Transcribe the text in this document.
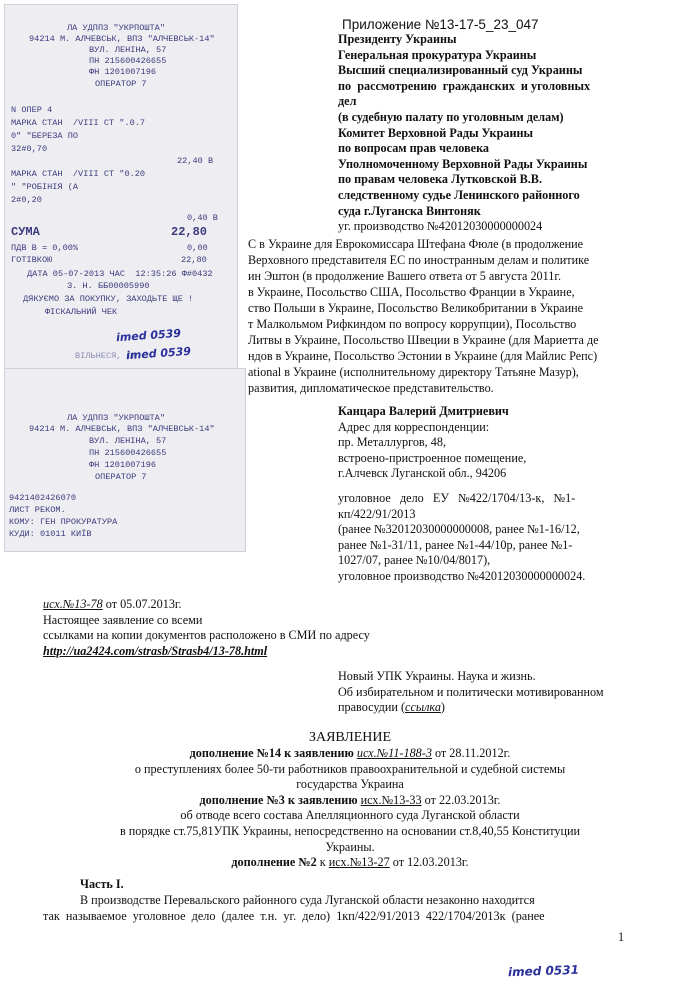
Приложение №13-17-5_23_047
Президенту Украины
Генеральная прокуратура Украины
Высший специализированный суд Украины
по  рассмотрению  гражданских  и уголовных
дел
(в судебную палату по уголовным делам)
Комитет Верховной Рады Украины
по вопросам прав человека
Уполномоченному Верховной Рады Украины
по правам человека Лутковской В.В.
следственному судье Ленинского районного
суда г.Луганска Винтоняк
уг. производство №42012030000000024
С в Украине для Еврокомиссара Штефана Фюле (в продолжение
Верховного представителя ЕС по иностранным делам и политике
ин Эштон (в продолжение Вашего ответа от 5 августа 2011г.
в Украине, Посольство США, Посольство Франции в Украине,
ство Польши в Украине, Посольство Великобритании в Украине
т Малкольмом Рифкиндом по вопросу коррупции), Посольство
Литвы в Украине, Посольство Швеции в Украине (для Мариетта де
ндов в Украине, Посольство Эстонии в Украине (для Майлис Репс)
ational в Украине (исполнительному директору Татьяне Мазур),
развития, дипломатическое представительство.
Канцара Валерий Дмитриевич
Адрес для корреспонденции:
пр. Металлургов, 48,
встроено-пристроенное помещение,
г.Алчевск Луганской обл., 94206
уголовное   дело   ЕУ   №422/1704/13-к,   №1-
кп/422/91/2013
(ранее №32012030000000008, ранее №1-16/12,
ранее №1-31/11, ранее №1-44/10р, ранее №1-
1027/07, ранее №10/04/8017),
уголовное производство №42012030000000024.
исх.№13-78 от 05.07.2013г.
Настоящее заявление со всеми
ссылками на копии документов расположено в СМИ по адресу
http://ua2424.com/strasb/Strasb4/13-78.html
Новый УПК Украины. Наука и жизнь.
Об избирательном и политически мотивированном
правосудии (ссылка)
ЗАЯВЛЕНИЕ
дополнение №14 к заявлению исх.№11-188-3 от 28.11.2012г.
о преступлениях более 50-ти работников правоохранительной и судебной системы
государства Украина
дополнение №3 к заявлению исх.№13-33 от 22.03.2013г.
об отводе всего состава Апелляционного суда Луганской области
в порядке ст.75,81УПК Украины, непосредственно на основании ст.8,40,55 Конституции
Украины.
дополнение №2 к исх.№13-27 от 12.03.2013г.
Часть I.
В производстве Перевальского районного суда Луганской области незаконно находится
так  называемое  уголовное  дело  (далее  т.н.  уг.  дело)  1кп/422/91/2013  422/1704/2013к  (ранее
1
imed 0531
ЛА УДППЗ "УКРПОШТА"
94214 М. АЛЧЕВСЬК, ВПЗ "АЛЧЕВСЬК-14"
ВУЛ. ЛЕНІНА, 57
ПН 215600426655
ФН 1201007196
ОПЕРАТОР 7
N ОПЕР 4
МАРКА СТАН  /VIII СТ ".0.7
0" "БЕРЕЗА ПО
32#0,70
22,40 В
МАРКА СТАН  /VIII СТ "0.20
" "РОБІНІЯ (А
2#0,20
0,40 В
СУМА	22,80
ПДВ В = 0,00%	0,00
ГОТІВКОЮ	22,80
ДАТА 05-07-2013 ЧАС  12:35:26 Ф#0432
З. Н. ББ00005990
ДЯКУЄМО ЗА ПОКУПКУ, ЗАХОДЬТЕ ЩЕ !
ФІСКАЛЬНИЙ ЧЕК
ВІЛЬНЕСЯ, ЄК
ЛА УДППЗ "УКРПОШТА"
94214 М. АЛЧЕВСЬК, ВПЗ "АЛЧЕВСЬК-14"
ВУЛ. ЛЕНІНА, 57
ПН 215600426655
ФН 1201007196
ОПЕРАТОР 7
9421402426070
ЛИСТ РЕКОМ.
КОМУ: ГЕН ПРОКУРАТУРА
КУДИ: 01011 КИЇВ
imed 0539
imed 0539
